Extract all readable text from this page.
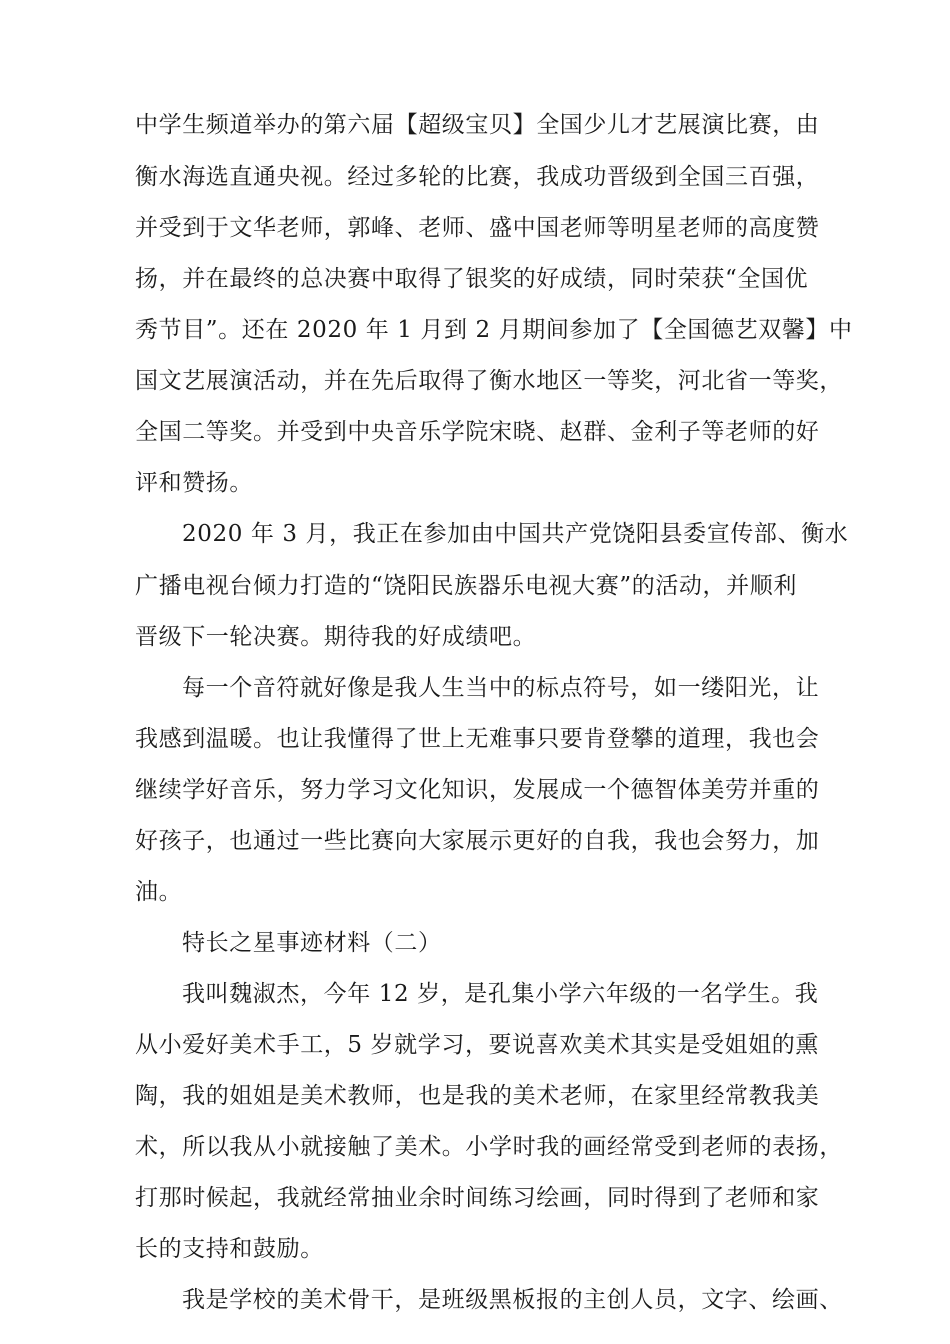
中学生频道举办的第六届【超级宝贝】全国少儿才艺展演比赛，由
衡水海选直通央视。经过多轮的比赛，我成功晋级到全国三百强，
并受到于文华老师，郭峰、老师、盛中国老师等明星老师的高度赞
扬，并在最终的总决赛中取得了银奖的好成绩，同时荣获“全国优
秀节目”。还在 2020 年 1 月到 2 月期间参加了【全国德艺双馨】中
国文艺展演活动，并在先后取得了衡水地区一等奖，河北省一等奖，
全国二等奖。并受到中央音乐学院宋晓、赵群、金利子等老师的好
评和赞扬。
2020 年 3 月，我正在参加由中国共产党饶阳县委宣传部、衡水
广播电视台倾力打造的“饶阳民族器乐电视大赛”的活动，并顺利
晋级下一轮决赛。期待我的好成绩吧。
每一个音符就好像是我人生当中的标点符号，如一缕阳光，让
我感到温暖。也让我懂得了世上无难事只要肯登攀的道理，我也会
继续学好音乐，努力学习文化知识，发展成一个德智体美劳并重的
好孩子，也通过一些比赛向大家展示更好的自我，我也会努力，加
油。
特长之星事迹材料（二）
我叫魏淑杰，今年 12 岁，是孔集小学六年级的一名学生。我
从小爱好美术手工，5 岁就学习，要说喜欢美术其实是受姐姐的熏
陶，我的姐姐是美术教师，也是我的美术老师，在家里经常教我美
术，所以我从小就接触了美术。小学时我的画经常受到老师的表扬，
打那时候起，我就经常抽业余时间练习绘画，同时得到了老师和家
长的支持和鼓励。
我是学校的美术骨干，是班级黑板报的主创人员，文字、绘画、
